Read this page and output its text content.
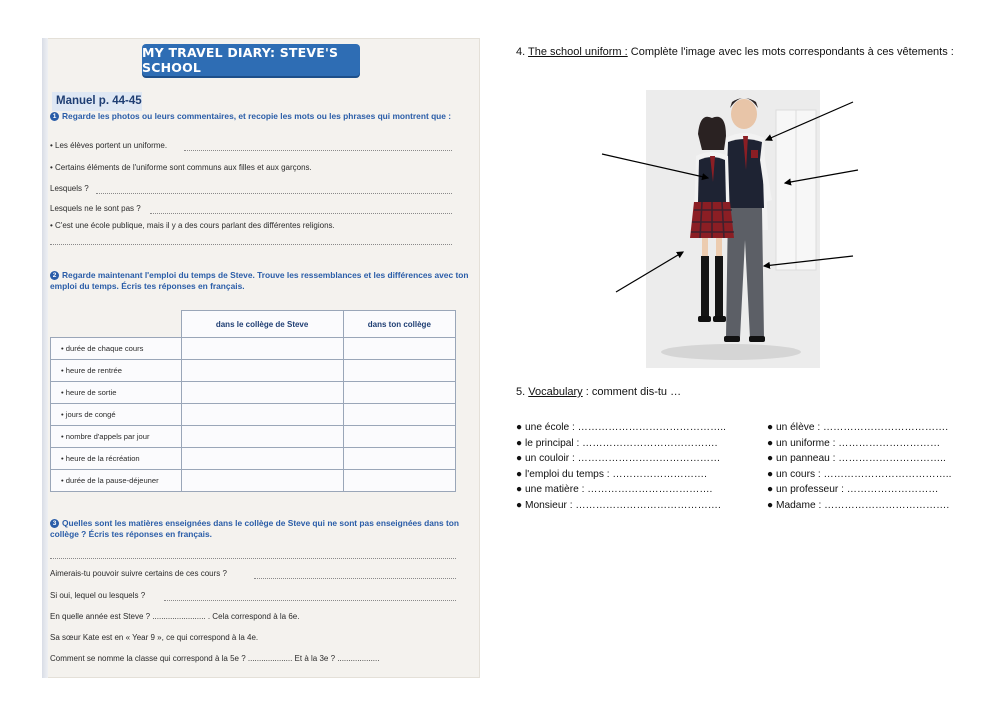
MY TRAVEL DIARY: STEVE'S SCHOOL
Manuel p. 44-45
1 Regarde les photos ou leurs commentaires, et recopie les mots ou les phrases qui montrent que :
• Les élèves portent un uniforme.
• Certains éléments de l'uniforme sont communs aux filles et aux garçons.
Lesquels ?
Lesquels ne le sont pas ?
• C'est une école publique, mais il y a des cours parlant des différentes religions.
2 Regarde maintenant l'emploi du temps de Steve. Trouve les ressemblances et les différences avec ton emploi du temps. Écris tes réponses en français.
	dans le collège de Steve	dans ton collège
• durée de chaque cours		
• heure de rentrée		
• heure de sortie		
• jours de congé		
• nombre d'appels par jour		
• heure de la récréation		
• durée de la pause-déjeuner		
3 Quelles sont les matières enseignées dans le collège de Steve qui ne sont pas enseignées dans ton collège ? Écris tes réponses en français.
Aimerais-tu pouvoir suivre certains de ces cours ?
Si oui, lequel ou lesquels ?
En quelle année est Steve ? ........................ . Cela correspond à la 6e.
Sa sœur Kate est en « Year 9 », ce qui correspond à la 4e.
Comment se nomme la classe qui correspond à la 5e ? .................... Et à la 3e ? ...................
4. The school uniform : Complète l'image avec les mots correspondants à ces vêtements :
5. Vocabulary : comment dis-tu …
● une école : ……………………………………..
● le principal : ………………………………….
● un couloir : ……………………………………
● l'emploi du temps : ……………………….
● une matière : ……………………………….
● Monsieur : …………………………………….
● un élève : ……………………………….
● un uniforme : …………………………
● un panneau : …………………………..
● un cours : ………………………………..
● un professeur : ………………………
● Madame : ……………………………….
